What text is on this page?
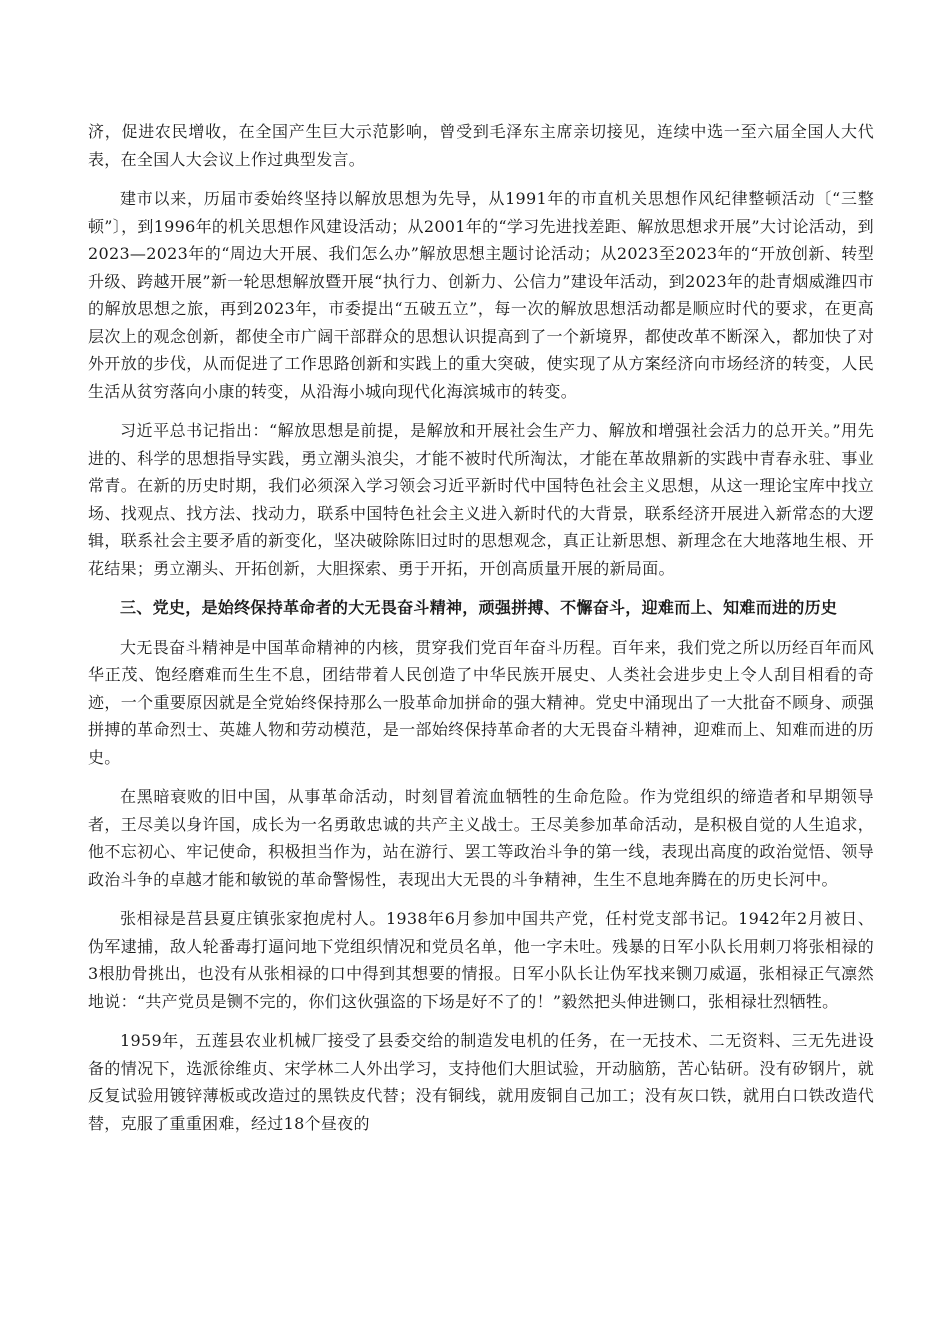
济，促进农民增收，在全国产生巨大示范影响，曾受到毛泽东主席亲切接见，连续中选一至六届全国人大代表，在全国人大会议上作过典型发言。

建市以来，历届市委始终坚持以解放思想为先导，从1991年的市直机关思想作风纪律整顿活动〔“三整顿”〕，到1996年的机关思想作风建设活动；从2001年的“学习先进找差距、解放思想求开展”大讨论活动，到2023—2023年的“周边大开展、我们怎么办”解放思想主题讨论活动；从2023至2023年的“开放创新、转型升级、跨越开展”新一轮思想解放暨开展“执行力、创新力、公信力”建设年活动，到2023年的赴青烟威潍四市的解放思想之旅，再到2023年，市委提出“五破五立”，每一次的解放思想活动都是顺应时代的要求，在更高层次上的观念创新，都使全市广阔干部群众的思想认识提高到了一个新境界，都使改革不断深入，都加快了对外开放的步伐，从而促进了工作思路创新和实践上的重大突破，使实现了从方案经济向市场经济的转变，人民生活从贫穷落向小康的转变，从沿海小城向现代化海滨城市的转变。

习近平总书记指出：“解放思想是前提，是解放和开展社会生产力、解放和增强社会活力的总开关。”用先进的、科学的思想指导实践，勇立潮头浪尖，才能不被时代所淘汰，才能在革故鼎新的实践中青春永驻、事业常青。在新的历史时期，我们必须深入学习领会习近平新时代中国特色社会主义思想，从这一理论宝库中找立场、找观点、找方法、找动力，联系中国特色社会主义进入新时代的大背景，联系经济开展进入新常态的大逻辑，联系社会主要矛盾的新变化，坚决破除陈旧过时的思想观念，真正让新思想、新理念在大地落地生根、开花结果；勇立潮头、开拓创新，大胆探索、勇于开拓，开创高质量开展的新局面。

三、党史，是始终保持革命者的大无畏奋斗精神，顽强拼搏、不懈奋斗，迎难而上、知难而进的历史

大无畏奋斗精神是中国革命精神的内核，贯穿我们党百年奋斗历程。百年来，我们党之所以历经百年而风华正茂、饱经磨难而生生不息，团结带着人民创造了中华民族开展史、人类社会进步史上令人刮目相看的奇迹，一个重要原因就是全党始终保持那么一股革命加拼命的强大精神。党史中涌现出了一大批奋不顾身、顽强拼搏的革命烈士、英雄人物和劳动模范，是一部始终保持革命者的大无畏奋斗精神，迎难而上、知难而进的历史。

在黑暗衰败的旧中国，从事革命活动，时刻冒着流血牺牲的生命危险。作为党组织的缔造者和早期领导者，王尽美以身许国，成长为一名勇敢忠诚的共产主义战士。王尽美参加革命活动，是积极自觉的人生追求，他不忘初心、牢记使命，积极担当作为，站在游行、罢工等政治斗争的第一线，表现出高度的政治觉悟、领导政治斗争的卓越才能和敏锐的革命警惕性，表现出大无畏的斗争精神，生生不息地奔腾在的历史长河中。

张相禄是莒县夏庄镇张家抱虎村人。1938年6月参加中国共产党，任村党支部书记。1942年2月被日、伪军逮捕，敌人轮番毒打逼问地下党组织情况和党员名单，他一字未吐。残暴的日军小队长用刺刀将张相禄的3根肋骨挑出，也没有从张相禄的口中得到其想要的情报。日军小队长让伪军找来铡刀威逼，张相禄正气凛然地说：“共产党员是铡不完的，你们这伙强盗的下场是好不了的！”毅然把头伸进铡口，张相禄壮烈牺牲。

1959年，五莲县农业机械厂接受了县委交给的制造发电机的任务，在一无技术、二无资料、三无先进设备的情况下，选派徐维贞、宋学林二人外出学习，支持他们大胆试验，开动脑筋，苦心钻研。没有矽钢片，就反复试验用镀锌薄板或改造过的黑铁皮代替；没有铜线，就用废铜自己加工；没有灰口铁，就用白口铁改造代替，克服了重重困难，经过18个昼夜的
